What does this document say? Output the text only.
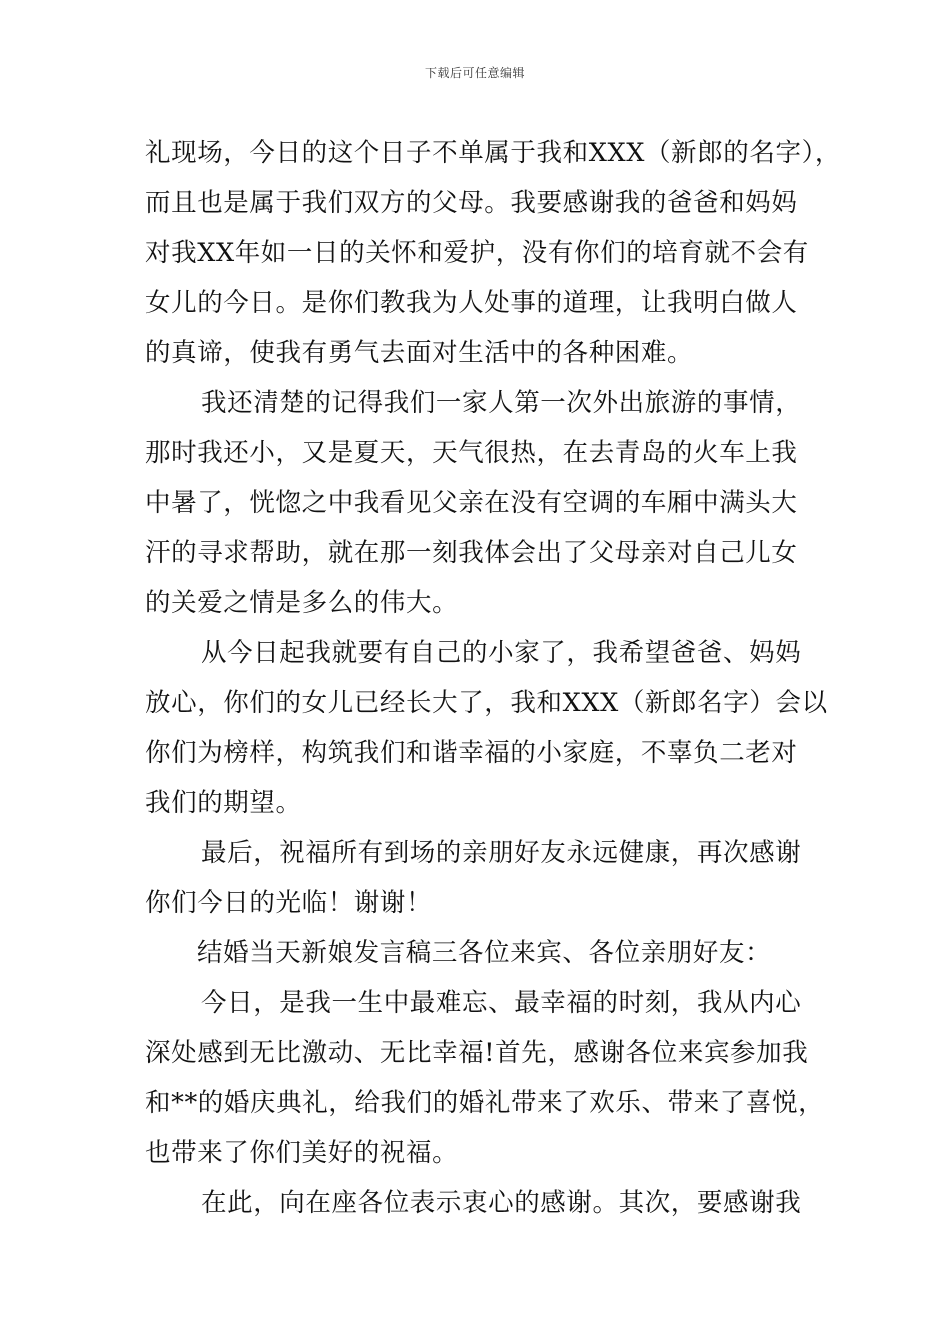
下载后可任意编辑
礼现场，今日的这个日子不单属于我和XXX（新郎的名字），
而且也是属于我们双方的父母。我要感谢我的爸爸和妈妈
对我XX年如一日的关怀和爱护，没有你们的培育就不会有
女儿的今日。是你们教我为人处事的道理，让我明白做人
的真谛，使我有勇气去面对生活中的各种困难。
我还清楚的记得我们一家人第一次外出旅游的事情，
那时我还小，又是夏天，天气很热，在去青岛的火车上我
中暑了，恍惚之中我看见父亲在没有空调的车厢中满头大
汗的寻求帮助，就在那一刻我体会出了父母亲对自己儿女
的关爱之情是多么的伟大。
从今日起我就要有自己的小家了，我希望爸爸、妈妈
放心，你们的女儿已经长大了，我和XXX（新郎名字）会以
你们为榜样，构筑我们和谐幸福的小家庭，不辜负二老对
我们的期望。
最后，祝福所有到场的亲朋好友永远健康，再次感谢
你们今日的光临！谢谢！
结婚当天新娘发言稿三各位来宾、各位亲朋好友：
今日，是我一生中最难忘、最幸福的时刻，我从内心
深处感到无比激动、无比幸福!首先，感谢各位来宾参加我
和**的婚庆典礼，给我们的婚礼带来了欢乐、带来了喜悦，
也带来了你们美好的祝福。
在此，向在座各位表示衷心的感谢。其次，要感谢我
